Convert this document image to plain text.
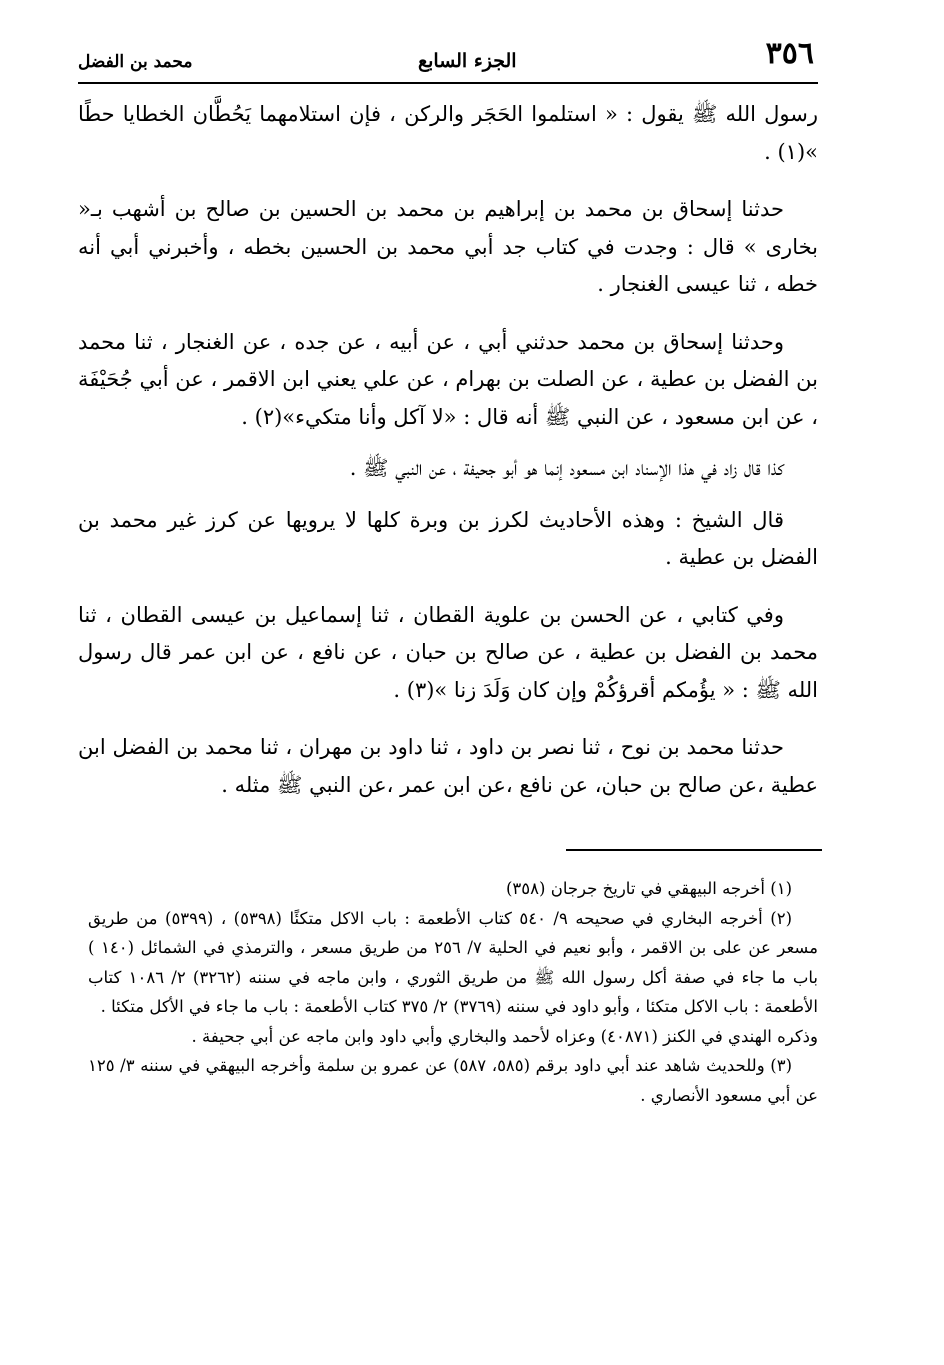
محمد بن الفضل	الجزء السابع	٣٥٦

رسول الله ﷺ يقول : « استلموا الحَجَر والركن ، فإن استلامهما يَحُطَّان الخطايا حطًا »(١) .

حدثنا إسحاق بن محمد بن إبراهيم بن محمد بن الحسين بن صالح بن أشهب بـ« بخارى » قال : وجدت في كتاب جد أبي محمد بن الحسين بخطه ، وأخبرني أبي أنه خطه ، ثنا عيسى الغنجار .

وحدثنا إسحاق بن محمد حدثني أبي ، عن أبيه ، عن جده ، عن الغنجار ، ثنا محمد بن الفضل بن عطية ، عن الصلت بن بهرام ، عن علي يعني ابن الاقمر ، عن أبي جُحَيْفَة ، عن ابن مسعود ، عن النبي ﷺ أنه قال : «لا آكل وأنا متكيء»(٢) .

كذا قال زاد في هذا الإسناد ابن مسعود إنما هو أبو جحيفة ، عن النبي ﷺ .

قال الشيخ : وهذه الأحاديث لكرز بن وبرة كلها لا يرويها عن كرز غير محمد بن الفضل بن عطية .

وفي كتابي ، عن الحسن بن علوية القطان ، ثنا إسماعيل بن عيسى القطان ، ثنا محمد بن الفضل بن عطية ، عن صالح بن حبان ، عن نافع ، عن ابن عمر قال رسول الله ﷺ : « يؤُمكم أقرؤكُمْ وإن كان وَلَدَ زنا »(٣) .

حدثنا محمد بن نوح ، ثنا نصر بن داود ، ثنا داود بن مهران ، ثنا محمد بن الفضل ابن عطية ،عن صالح بن حبان، عن نافع ،عن ابن عمر ،عن النبي ﷺ مثله .

(١) أخرجه البيهقي في تاريخ جرجان (٣٥٨)

(٢) أخرجه البخاري في صحيحه ٩/ ٥٤٠ كتاب الأطعمة : باب الاكل متكئًا (٥٣٩٨) ، (٥٣٩٩) من طريق مسعر عن على بن الاقمر ، وأبو نعيم في الحلية ٧/ ٢٥٦ من طريق مسعر ، والترمذي في الشمائل (١٤٠ ) باب ما جاء في صفة أكل رسول الله ﷺ من طريق الثوري ، وابن ماجه في سننه (٣٢٦٢) ٢/ ١٠٨٦ كتاب الأطعمة : باب الاكل متكئا ، وأبو داود في سننه (٣٧٦٩) ٢/ ٣٧٥ كتاب الأطعمة : باب ما جاء في الأكل متكئا .

وذكره الهندي في الكنز (٤٠٨٧١) وعزاه لأحمد والبخاري وأبي داود وابن ماجه عن أبي جحيفة .

(٣) وللحديث شاهد عند أبي داود برقم (٥٨٥، ٥٨٧) عن عمرو بن سلمة وأخرجه البيهقي في سننه ٣/ ١٢٥ عن أبي مسعود الأنصاري .
